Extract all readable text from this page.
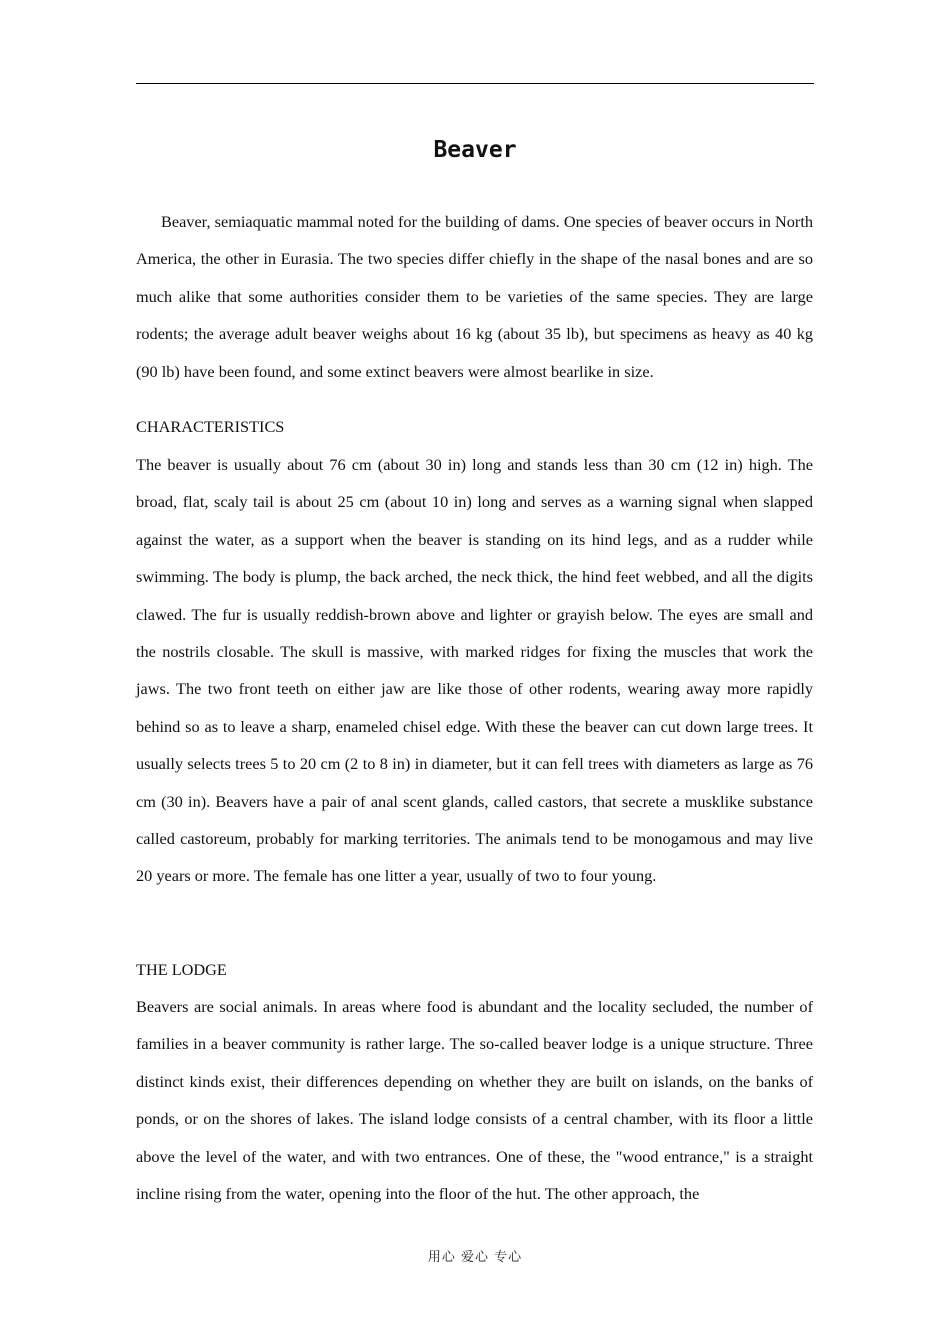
Beaver

Beaver, semiaquatic mammal noted for the building of dams. One species of beaver occurs in North America, the other in Eurasia. The two species differ chiefly in the shape of the nasal bones and are so much alike that some authorities consider them to be varieties of the same species. They are large rodents; the average adult beaver weighs about 16 kg (about 35 lb), but specimens as heavy as 40 kg (90 lb) have been found, and some extinct beavers were almost bearlike in size.

CHARACTERISTICS

The beaver is usually about 76 cm (about 30 in) long and stands less than 30 cm (12 in) high. The broad, flat, scaly tail is about 25 cm (about 10 in) long and serves as a warning signal when slapped against the water, as a support when the beaver is standing on its hind legs, and as a rudder while swimming. The body is plump, the back arched, the neck thick, the hind feet webbed, and all the digits clawed. The fur is usually reddish-brown above and lighter or grayish below. The eyes are small and the nostrils closable. The skull is massive, with marked ridges for fixing the muscles that work the jaws. The two front teeth on either jaw are like those of other rodents, wearing away more rapidly behind so as to leave a sharp, enameled chisel edge. With these the beaver can cut down large trees. It usually selects trees 5 to 20 cm (2 to 8 in) in diameter, but it can fell trees with diameters as large as 76 cm (30 in). Beavers have a pair of anal scent glands, called castors, that secrete a musklike substance called castoreum, probably for marking territories. The animals tend to be monogamous and may live 20 years or more. The female has one litter a year, usually of two to four young.

THE LODGE

Beavers are social animals. In areas where food is abundant and the locality secluded, the number of families in a beaver community is rather large. The so-called beaver lodge is a unique structure. Three distinct kinds exist, their differences depending on whether they are built on islands, on the banks of ponds, or on the shores of lakes. The island lodge consists of a central chamber, with its floor a little above the level of the water, and with two entrances. One of these, the "wood entrance," is a straight incline rising from the water, opening into the floor of the hut. The other approach, the

用心 爱心 专心
